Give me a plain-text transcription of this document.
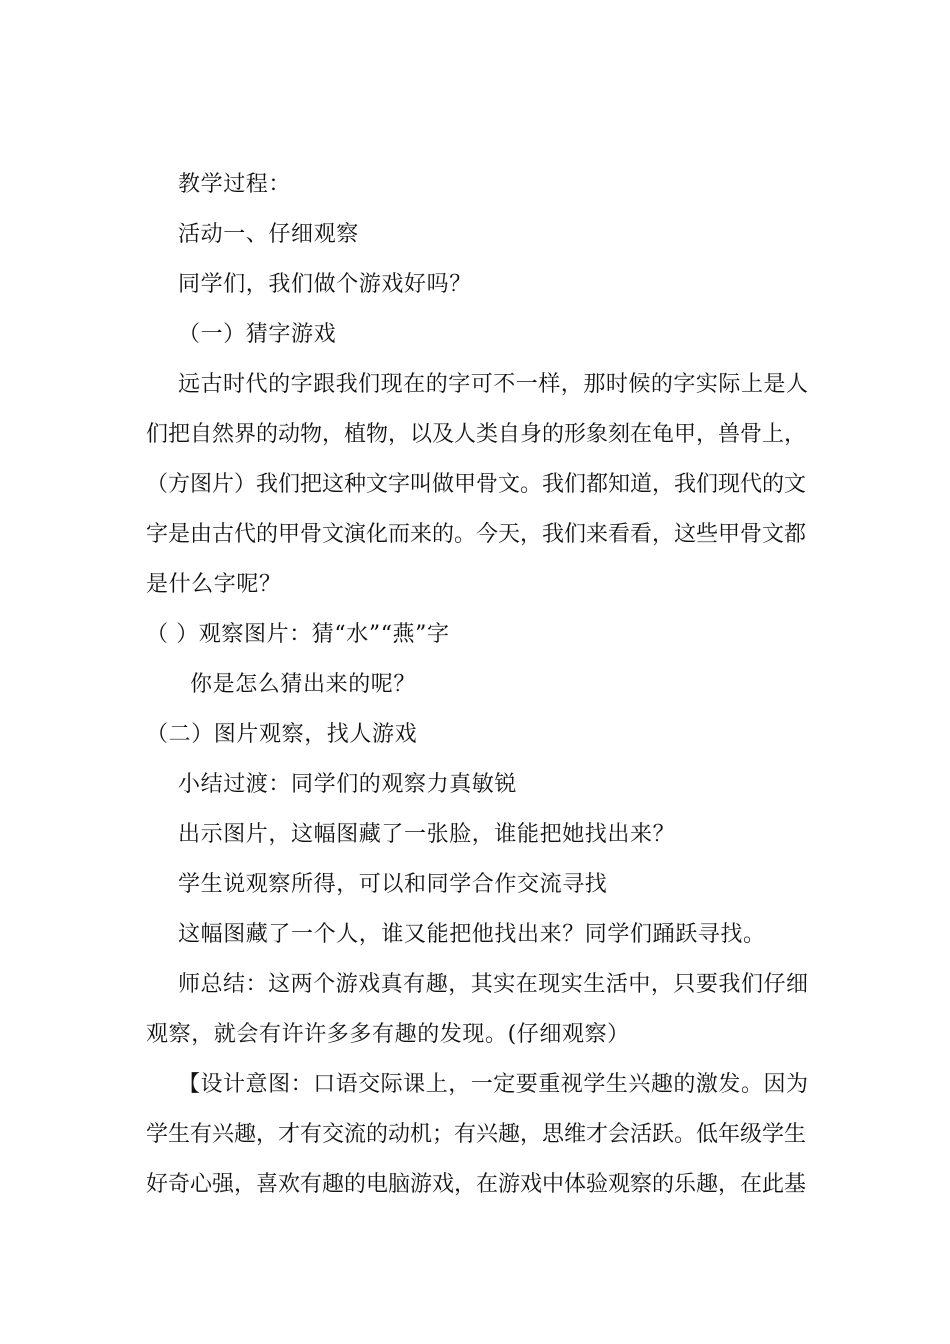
教学过程：
活动一、仔细观察
同学们，我们做个游戏好吗？
（一）猜字游戏
远古时代的字跟我们现在的字可不一样，那时候的字实际上是人
们把自然界的动物，植物，以及人类自身的形象刻在龟甲，兽骨上，
（方图片）我们把这种文字叫做甲骨文。我们都知道，我们现代的文
字是由古代的甲骨文演化而来的。今天，我们来看看，这些甲骨文都
是什么字呢？
（ ）观察图片：猜“水”“燕”字
你是怎么猜出来的呢？
（二）图片观察，找人游戏
小结过渡：同学们的观察力真敏锐
出示图片，这幅图藏了一张脸，谁能把她找出来？
学生说观察所得，可以和同学合作交流寻找
这幅图藏了一个人，谁又能把他找出来？同学们踊跃寻找。
师总结：这两个游戏真有趣，其实在现实生活中，只要我们仔细
观察，就会有许许多多有趣的发现。(仔细观察）
【设计意图：口语交际课上，一定要重视学生兴趣的激发。因为
学生有兴趣，才有交流的动机；有兴趣，思维才会活跃。低年级学生
好奇心强，喜欢有趣的电脑游戏，在游戏中体验观察的乐趣，在此基
